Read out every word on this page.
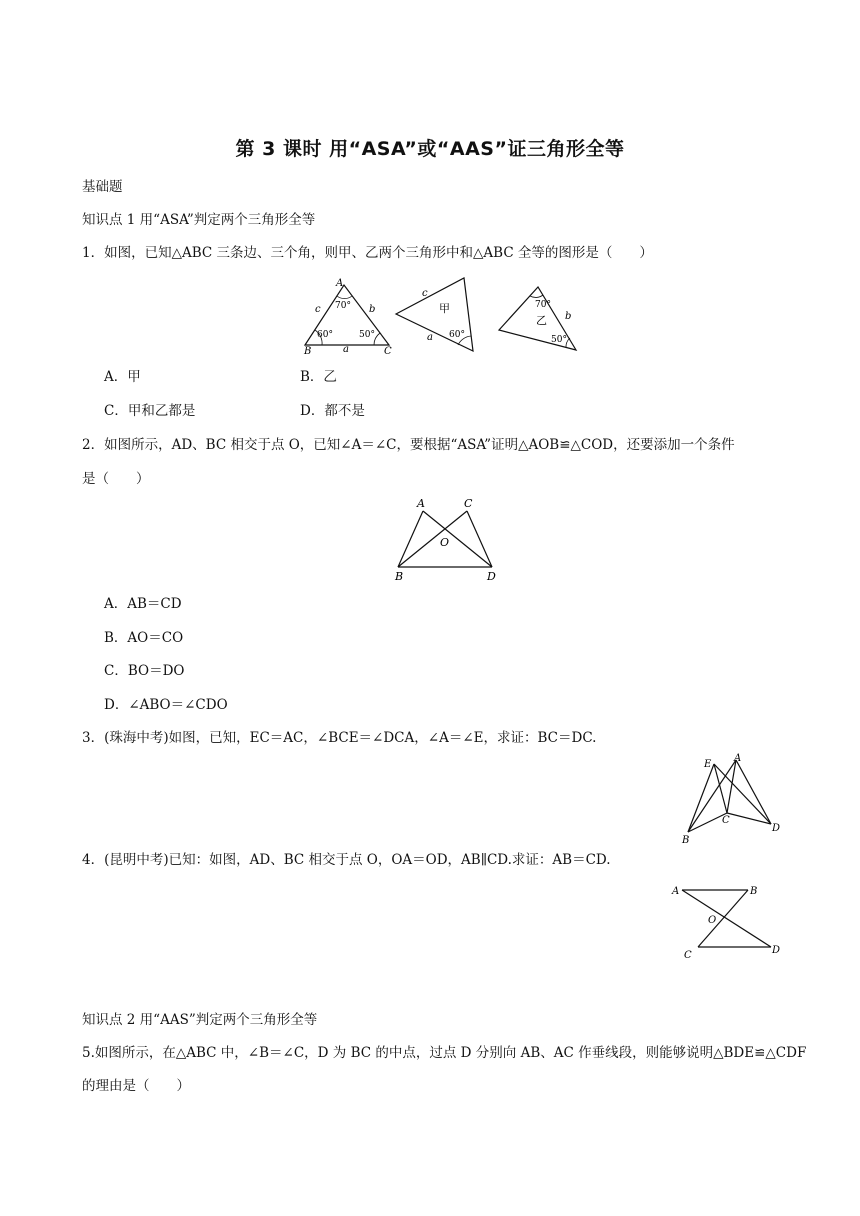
第 3 课时 用“ASA”或“AAS”证三角形全等
基础题
知识点 1 用“ASA”判定两个三角形全等
1．如图，已知△ABC 三条边、三个角，则甲、乙两个三角形中和△ABC 全等的图形是（　　）
A
B	C
a
b
c 70°
60°	50°
c
a
甲
60°
70°
乙 b
50°
A．甲	B．乙
C．甲和乙都是	D．都不是
2．如图所示，AD、BC 相交于点 O，已知∠A＝∠C，要根据“ASA”证明△AOB≌△COD，还要添加一个条件
是（　　）
A	C
O
B	D
A．AB＝CD
B．AO＝CO
C．BO＝DO
D．∠ABO＝∠CDO
3．(珠海中考)如图，已知，EC＝AC，∠BCE＝∠DCA，∠A＝∠E，求证：BC＝DC.
E
A
C
B
D
4．(昆明中考)已知：如图，AD、BC 相交于点 O，OA＝OD，AB∥CD.求证：AB＝CD.
A	B
O
C	D
知识点 2 用“AAS”判定两个三角形全等
5.如图所示，在△ABC 中，∠B＝∠C，D 为 BC 的中点，过点 D 分别向 AB、AC 作垂线段，则能够说明△BDE≌△CDF
的理由是（　　）
